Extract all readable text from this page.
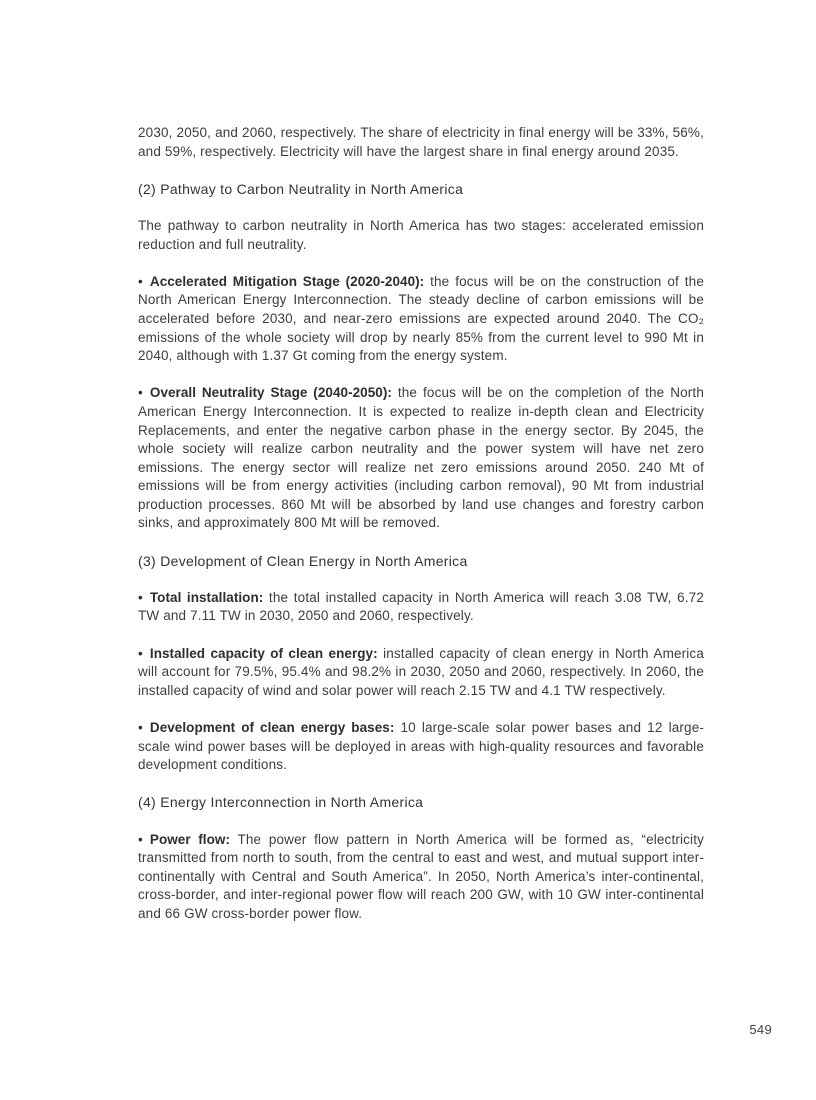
2030, 2050, and 2060, respectively. The share of electricity in final energy will be 33%, 56%, and 59%, respectively. Electricity will have the largest share in final energy around 2035.

(2) Pathway to Carbon Neutrality in North America

The pathway to carbon neutrality in North America has two stages: accelerated emission reduction and full neutrality.

• Accelerated Mitigation Stage (2020-2040): the focus will be on the construction of the North American Energy Interconnection. The steady decline of carbon emissions will be accelerated before 2030, and near-zero emissions are expected around 2040. The CO₂ emissions of the whole society will drop by nearly 85% from the current level to 990 Mt in 2040, although with 1.37 Gt coming from the energy system.

• Overall Neutrality Stage (2040-2050): the focus will be on the completion of the North American Energy Interconnection. It is expected to realize in-depth clean and Electricity Replacements, and enter the negative carbon phase in the energy sector. By 2045, the whole society will realize carbon neutrality and the power system will have net zero emissions. The energy sector will realize net zero emissions around 2050. 240 Mt of emissions will be from energy activities (including carbon removal), 90 Mt from industrial production processes. 860 Mt will be absorbed by land use changes and forestry carbon sinks, and approximately 800 Mt will be removed.

(3) Development of Clean Energy in North America

• Total installation: the total installed capacity in North America will reach 3.08 TW, 6.72 TW and 7.11 TW in 2030, 2050 and 2060, respectively.

• Installed capacity of clean energy: installed capacity of clean energy in North America will account for 79.5%, 95.4% and 98.2% in 2030, 2050 and 2060, respectively. In 2060, the installed capacity of wind and solar power will reach 2.15 TW and 4.1 TW respectively.

• Development of clean energy bases: 10 large-scale solar power bases and 12 large-scale wind power bases will be deployed in areas with high-quality resources and favorable development conditions.

(4) Energy Interconnection in North America

• Power flow: The power flow pattern in North America will be formed as, “electricity transmitted from north to south, from the central to east and west, and mutual support inter-continentally with Central and South America”. In 2050, North America’s inter-continental, cross-border, and inter-regional power flow will reach 200 GW, with 10 GW inter-continental and 66 GW cross-border power flow.

549
